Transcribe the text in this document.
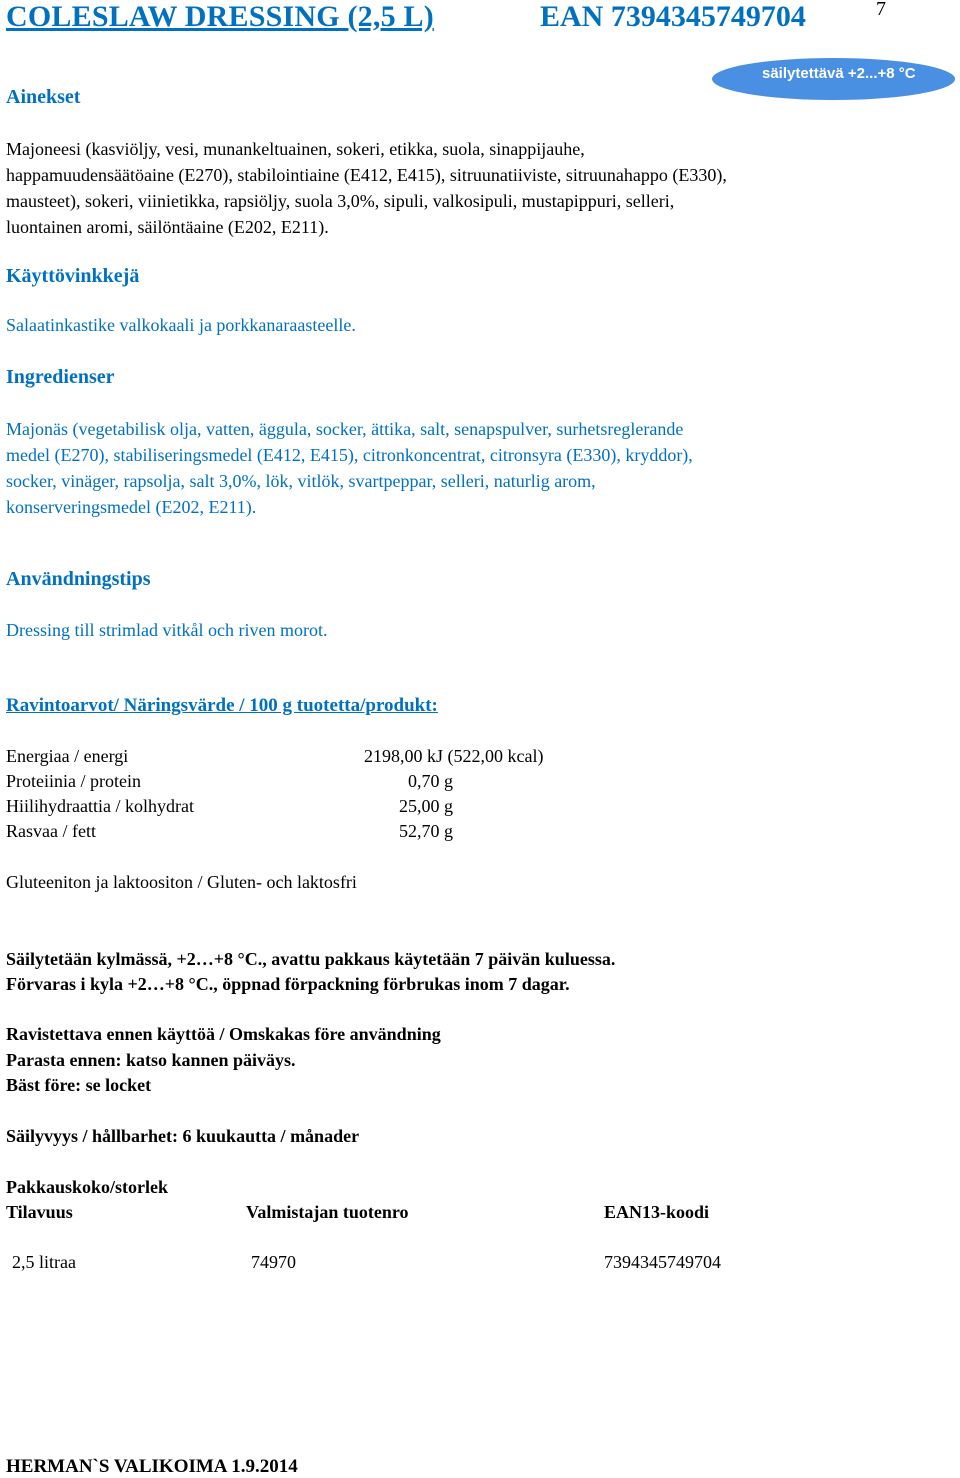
COLESLAW DRESSING (2,5 L)	EAN 7394345749704	7
säilytettävä +2...+8 °C
Ainekset
Majoneesi (kasviöljy, vesi, munankeltuainen, sokeri, etikka, suola, sinappijauhe,
happamuudensäätöaine (E270), stabilointiaine (E412, E415), sitruunatiiviste, sitruunahappo (E330),
mausteet), sokeri, viinietikka, rapsiöljy, suola 3,0%, sipuli, valkosipuli, mustapippuri, selleri,
luontainen aromi, säilöntäaine (E202, E211).
Käyttövinkkejä
Salaatinkastike valkokaali ja porkkanaraasteelle.
Ingredienser
Majonäs (vegetabilisk olja, vatten, äggula, socker, ättika, salt, senapspulver, surhetsreglerande
medel (E270), stabiliseringsmedel (E412, E415), citronkoncentrat, citronsyra (E330), kryddor),
socker, vinäger, rapsolja, salt 3,0%, lök, vitlök, svartpeppar, selleri, naturlig arom,
konserveringsmedel (E202, E211).
Användningstips
Dressing till strimlad vitkål och riven morot.
Ravintoarvot/ Näringsvärde / 100 g tuotetta/produkt:
Energiaa / energi	2198,00 kJ (522,00 kcal)
Proteiinia / protein	0,70 g
Hiilihydraattia / kolhydrat	25,00 g
Rasvaa / fett	52,70 g
Gluteeniton ja laktoositon / Gluten- och laktosfri
Säilytetään kylmässä, +2…+8 °C., avattu pakkaus käytetään 7 päivän kuluessa.
Förvaras i kyla +2…+8 °C., öppnad förpackning förbrukas inom 7 dagar.
Ravistettava ennen käyttöä / Omskakas före användning
Parasta ennen: katso kannen päiväys.
Bäst före: se locket
Säilyvyys / hållbarhet: 6 kuukautta / månader
Pakkauskoko/storlek
Tilavuus	Valmistajan tuotenro	EAN13-koodi
2,5 litraa	74970	7394345749704
HERMAN`S VALIKOIMA 1.9.2014
